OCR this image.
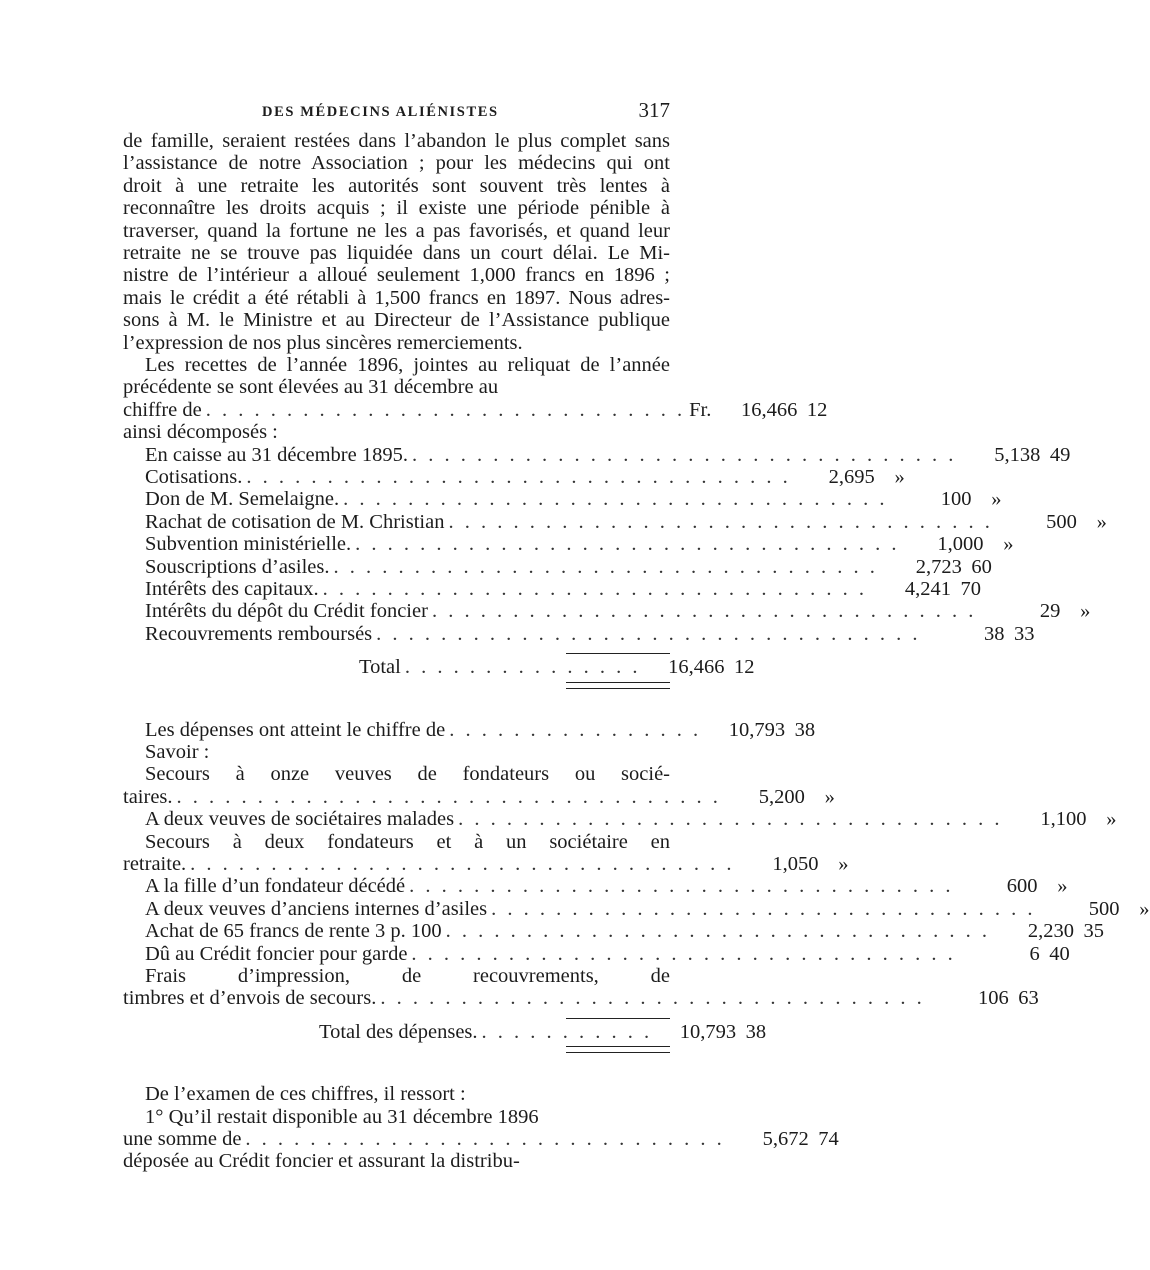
DES MÉDECINS ALIÉNISTES	317
de famille, seraient restées dans l’abandon le plus complet sans
l’assistance de notre Association ; pour les médecins qui ont
droit à une retraite les autorités sont souvent très lentes à
reconnaître les droits acquis ; il existe une période pénible à
traverser, quand la fortune ne les a pas favorisés, et quand leur
retraite ne se trouve pas liquidée dans un court délai. Le Mi-
nistre de l’intérieur a alloué seulement 1,000 francs en 1896 ;
mais le crédit a été rétabli à 1,500 francs en 1897. Nous adres-
sons à M. le Ministre et au Directeur de l’Assistance publique
l’expression de nos plus sincères remerciements.
Les recettes de l’année 1896, jointes au reliquat de l’année
précédente se sont élevées au 31 décembre au
chiffre de . . . . . . . . . . . . . . . . . . . . . . . . . . . . . . Fr.	16,466 12
ainsi décomposés :
En caisse au 31 décembre 1895. . . . . . . . . . . . . . . . . . . . . . . . . . . . . . . . . . .	5,138 49
Cotisations. . . . . . . . . . . . . . . . . . . . . . . . . . . . . . . . . . .	2,695 »
Don de M. Semelaigne. . . . . . . . . . . . . . . . . . . . . . . . . . . . . . . . . . .	100 »
Rachat de cotisation de M. Christian . . . . . . . . . . . . . . . . . . . . . . . . . . . . . . . . . .	500 »
Subvention ministérielle. . . . . . . . . . . . . . . . . . . . . . . . . . . . . . . . . . .	1,000 »
Souscriptions d’asiles. . . . . . . . . . . . . . . . . . . . . . . . . . . . . . . . . . .	2,723 60
Intérêts des capitaux. . . . . . . . . . . . . . . . . . . . . . . . . . . . . . . . . . .	4,241 70
Intérêts du dépôt du Crédit foncier . . . . . . . . . . . . . . . . . . . . . . . . . . . . . . . . . .	29 »
Recouvrements remboursés . . . . . . . . . . . . . . . . . . . . . . . . . . . . . . . . . .	38 33
Total . . . . . . . . . . . . . . .	16,466 12
Les dépenses ont atteint le chiffre de . . . . . . . . . . . . . . . .	10,793 38
Savoir :
Secours à onze veuves de fondateurs ou socié-
taires. . . . . . . . . . . . . . . . . . . . . . . . . . . . . . . . . . .	5,200 »
A deux veuves de sociétaires malades . . . . . . . . . . . . . . . . . . . . . . . . . . . . . . . . . .	1,100 »
Secours à deux fondateurs et à un sociétaire en
retraite. . . . . . . . . . . . . . . . . . . . . . . . . . . . . . . . . . .	1,050 »
A la fille d’un fondateur décédé . . . . . . . . . . . . . . . . . . . . . . . . . . . . . . . . . .	600 »
A deux veuves d’anciens internes d’asiles . . . . . . . . . . . . . . . . . . . . . . . . . . . . . . . . . .	500 »
Achat de 65 francs de rente 3 p. 100 . . . . . . . . . . . . . . . . . . . . . . . . . . . . . . . . . .	2,230 35
Dû au Crédit foncier pour garde . . . . . . . . . . . . . . . . . . . . . . . . . . . . . . . . . .	6 40
Frais d’impression, de recouvrements, de
timbres et d’envois de secours. . . . . . . . . . . . . . . . . . . . . . . . . . . . . . . . . . .	106 63
Total des dépenses. . . . . . . . . . . .	10,793 38
De l’examen de ces chiffres, il ressort :
1° Qu’il restait disponible au 31 décembre 1896
une somme de . . . . . . . . . . . . . . . . . . . . . . . . . . . . . .	5,672 74
déposée au Crédit foncier et assurant la distribu-
